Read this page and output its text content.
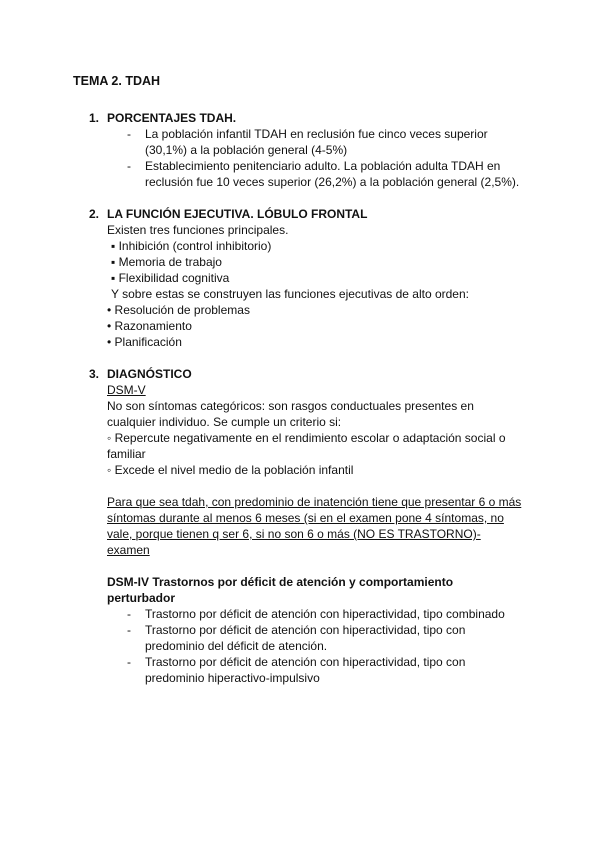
TEMA 2. TDAH
1. PORCENTAJES TDAH.
- La población infantil TDAH en reclusión fue cinco veces superior
(30,1%) a la población general (4-5%)
- Establecimiento penitenciario adulto. La población adulta TDAH en
reclusión fue 10 veces superior (26,2%) a la población general (2,5%).
2. LA FUNCIÓN EJECUTIVA. LÓBULO FRONTAL
Existen tres funciones principales.
▪ Inhibición (control inhibitorio)
▪ Memoria de trabajo
▪ Flexibilidad cognitiva
Y sobre estas se construyen las funciones ejecutivas de alto orden:
• Resolución de problemas
• Razonamiento
• Planificación
3. DIAGNÓSTICO
DSM-V
No son síntomas categóricos: son rasgos conductuales presentes en
cualquier individuo. Se cumple un criterio si:
◦ Repercute negativamente en el rendimiento escolar o adaptación social o
familiar
◦ Excede el nivel medio de la población infantil
Para que sea tdah, con predominio de inatención tiene que presentar 6 o más
síntomas durante al menos 6 meses (si en el examen pone 4 síntomas, no
vale, porque tienen q ser 6, si no son 6 o más (NO ES TRASTORNO)-
examen
DSM-IV Trastornos por déficit de atención y comportamiento
perturbador
- Trastorno por déficit de atención con hiperactividad, tipo combinado
- Trastorno por déficit de atención con hiperactividad, tipo con
predominio del déficit de atención.
- Trastorno por déficit de atención con hiperactividad, tipo con
predominio hiperactivo-impulsivo
